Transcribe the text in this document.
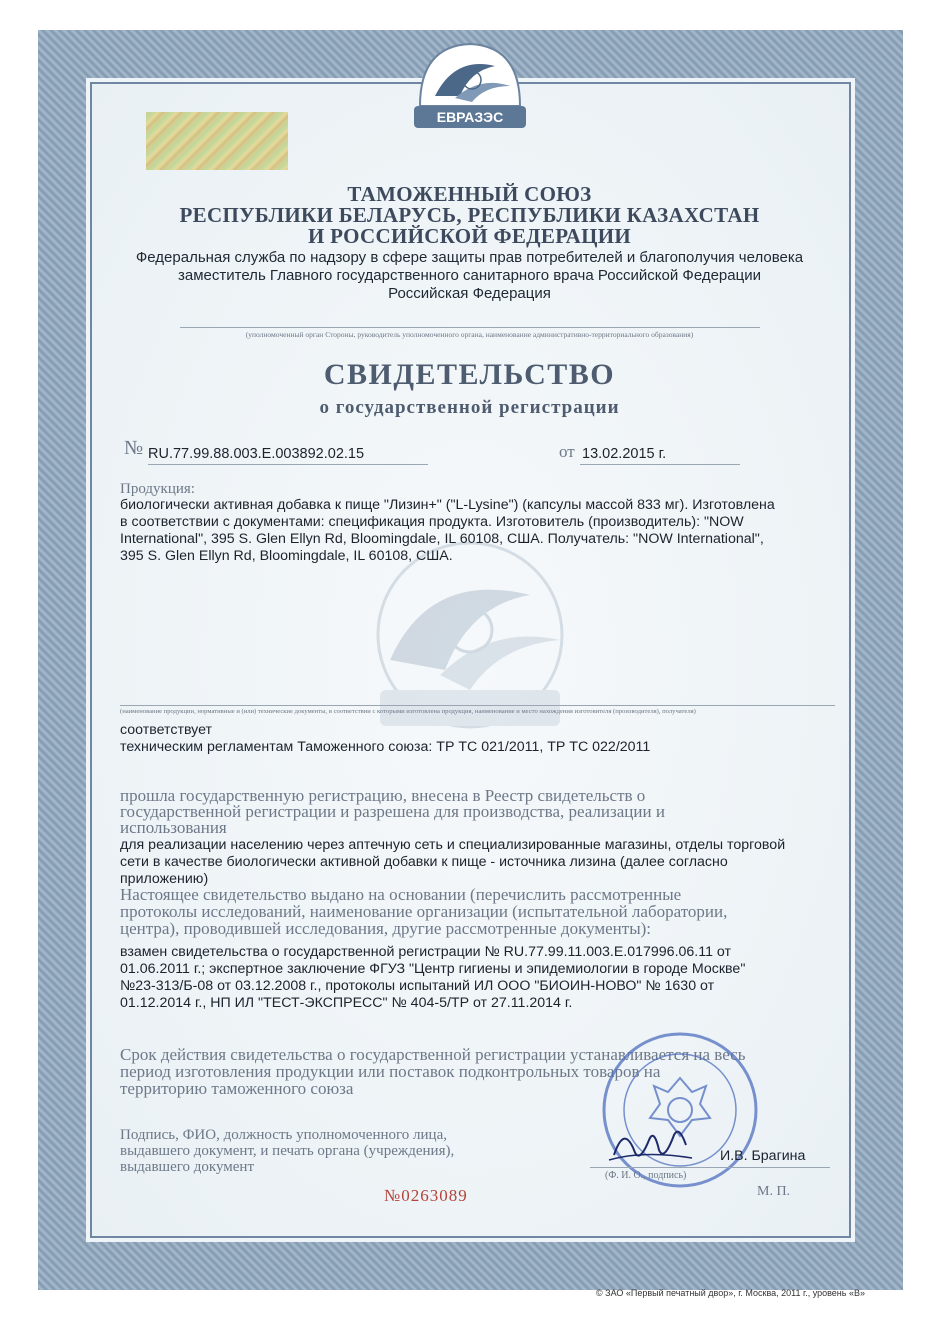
ЕВРАЗЭС

ТАМОЖЕННЫЙ СОЮЗ

РЕСПУБЛИКИ БЕЛАРУСЬ, РЕСПУБЛИКИ КАЗАХСТАН

И РОССИЙСКОЙ ФЕДЕРАЦИИ

Федеральная служба по надзору в сфере защиты прав потребителей и благополучия человека

заместитель Главного государственного санитарного врача Российской Федерации

Российская Федерация

(уполномоченный орган Стороны, руководитель уполномоченного органа, наименование административно-территориального образования)

СВИДЕТЕЛЬСТВО

о государственной регистрации

№ RU.77.99.88.003.E.003892.02.15	от 13.02.2015 г.

Продукция:

биологически активная добавка к пище "Лизин+" ("L-Lysine") (капсулы массой 833 мг). Изготовлена

в соответствии с документами: спецификация продукта. Изготовитель (производитель): "NOW

International", 395 S. Glen Ellyn Rd, Bloomingdale, IL 60108, США. Получатель: "NOW International",

395 S. Glen Ellyn Rd, Bloomingdale, IL 60108, США.

(наименование продукции, нормативные и (или) технические документы, в соответствии с которыми изготовлена продукция, наименование и место нахождения изготовителя (производителя), получателя)

соответствует

техническим регламентам Таможенного союза: ТР ТС 021/2011, ТР ТС 022/2011

прошла государственную регистрацию, внесена в Реестр свидетельств о

государственной регистрации и разрешена для производства, реализации и

использования

для реализации населению через аптечную сеть и специализированные магазины, отделы торговой

сети в качестве биологически активной добавки к пище - источника лизина (далее согласно

приложению)

Настоящее свидетельство выдано на основании (перечислить рассмотренные

протоколы исследований, наименование организации (испытательной лаборатории,

центра), проводившей исследования, другие рассмотренные документы):

взамен свидетельства о государственной регистрации № RU.77.99.11.003.Е.017996.06.11 от

01.06.2011 г.; экспертное заключение ФГУЗ "Центр гигиены и эпидемиологии в городе Москве"

№23-313/Б-08 от 03.12.2008 г., протоколы испытаний ИЛ ООО "БИОИН-НОВО" № 1630 от

01.12.2014 г., НП ИЛ "ТЕСТ-ЭКСПРЕСС" № 404-5/ТР от 27.11.2014 г.

Срок действия свидетельства о государственной регистрации устанавливается на весь

период изготовления продукции или поставок подконтрольных товаров на

территорию таможенного союза

Подпись, ФИО, должность уполномоченного лица,

выдавшего документ, и печать органа (учреждения),

выдавшего документ

И.В. Брагина

(Ф. И. О., подпись)

М. П.

№0263089

© ЗАО «Первый печатный двор», г. Москва, 2011 г., уровень «В»
